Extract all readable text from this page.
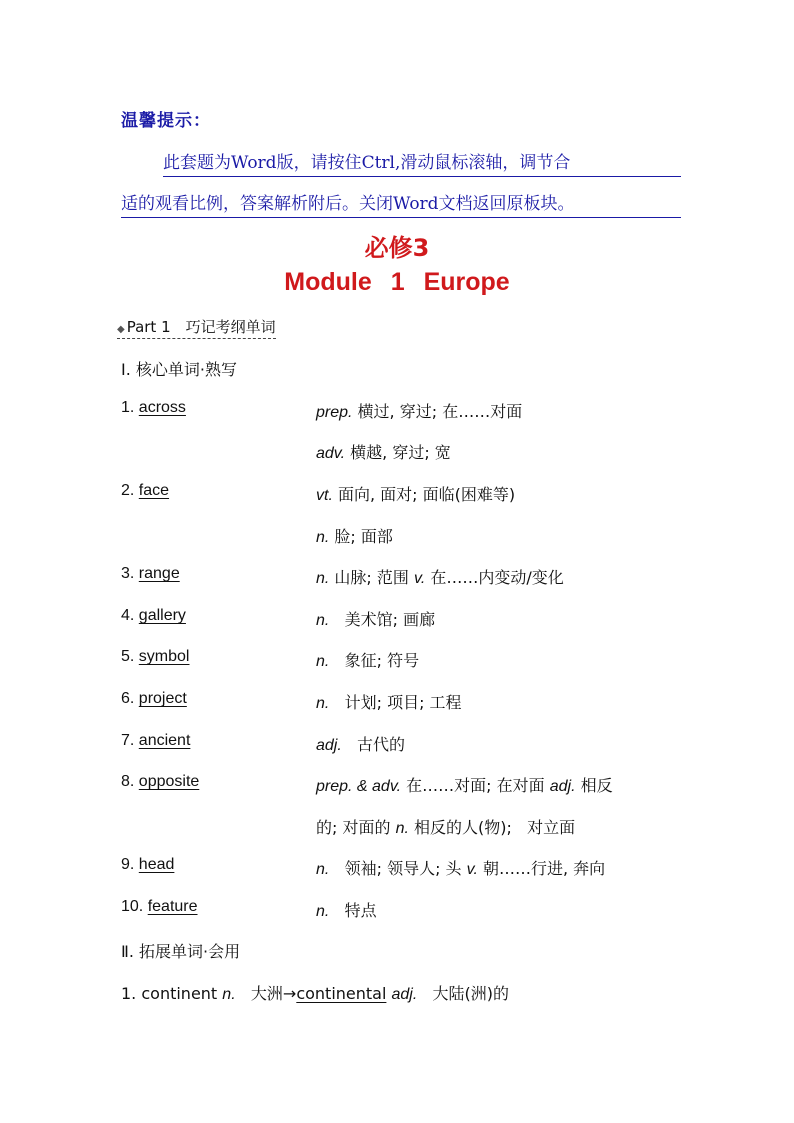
温馨提示：
此套题为Word版，请按住Ctrl,滑动鼠标滚轴，调节合
适的观看比例，答案解析附后。关闭Word文档返回原板块。
必修3
Module 1 Europe
◆ Part 1　巧记考纲单词
Ⅰ. 核心单词·熟写
1. across	prep. 横过, 穿过; 在……对面
adv. 横越, 穿过; 宽
2. face	vt. 面向, 面对; 面临(困难等)
n. 脸; 面部
3. range	n. 山脉; 范围 v. 在……内变动/变化
4. gallery	n.   美术馆; 画廊
5. symbol	n.   象征; 符号
6. project	n.   计划; 项目; 工程
7. ancient	adj.   古代的
8. opposite	prep. & adv. 在……对面; 在对面 adj. 相反
的; 对面的 n. 相反的人(物);   对立面
9. head	n.   领袖; 领导人; 头 v. 朝……行进, 奔向
10. feature	n.   特点
Ⅱ. 拓展单词·会用
1. continent n.   大洲→continental adj.   大陆(洲)的
